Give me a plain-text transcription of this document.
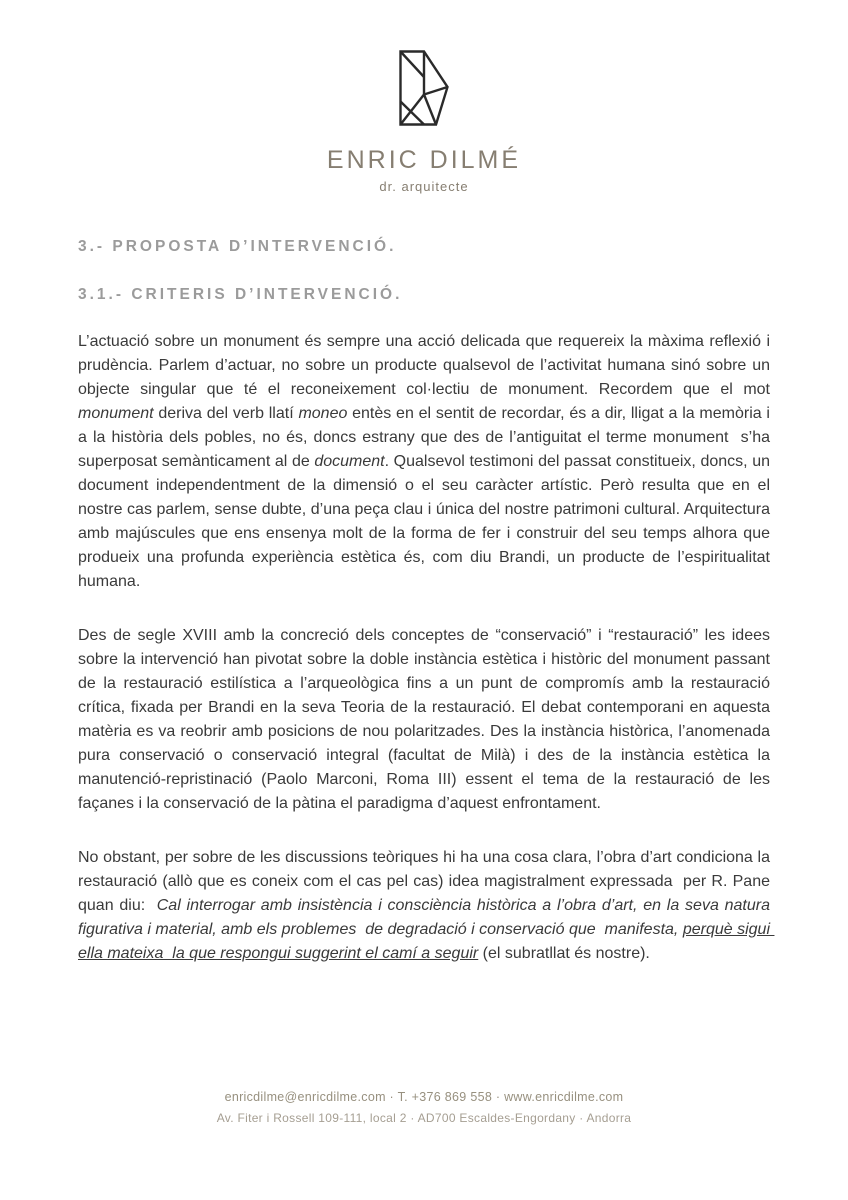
ENRIC DILMÉ
dr. arquitecte
3.- PROPOSTA D’INTERVENCIÓ.
3.1.- CRITERIS D’INTERVENCIÓ.

L’actuació sobre un monument és sempre una acció delicada que requereix la màxima reflexió i prudència. Parlem d’actuar, no sobre un producte qualsevol de l’activitat humana sinó sobre un objecte singular que té el reconeixement col·lectiu de monument. Recordem que el mot monument deriva del verb llatí moneo entès en el sentit de recordar, és a dir, lligat a la memòria i a la història dels pobles, no és, doncs estrany que des de l’antiguitat el terme monument  s’ha superposat semànticament al de document. Qualsevol testimoni del passat constitueix, doncs, un document independentment de la dimensió o el seu caràcter artístic. Però resulta que en el nostre cas parlem, sense dubte, d’una peça clau i única del nostre patrimoni cultural. Arquitectura amb majúscules que ens ensenya molt de la forma de fer i construir del seu temps alhora que produeix una profunda experiència estètica és, com diu Brandi, un producte de l’espiritualitat humana.

Des de segle XVIII amb la concreció dels conceptes de “conservació” i “restauració” les idees sobre la intervenció han pivotat sobre la doble instància estètica i històric del monument passant de la restauració estilística a l’arqueològica fins a un punt de compromís amb la restauració crítica, fixada per Brandi en la seva Teoria de la restauració. El debat contemporani en aquesta matèria es va reobrir amb posicions de nou polaritzades. Des la instància històrica, l’anomenada pura conservació o conservació integral (facultat de Milà) i des de la instància estètica la manutenció-repristinació (Paolo Marconi, Roma III) essent el tema de la restauració de les façanes i la conservació de la pàtina el paradigma d’aquest enfrontament.

No obstant, per sobre de les discussions teòriques hi ha una cosa clara, l’obra d’art condiciona la restauració (allò que es coneix com el cas pel cas) idea magistralment expressada  per R. Pane quan diu:  Cal interrogar amb insistència i consciència històrica a l’obra d’art, en la seva natura figurativa i material, amb els problemes  de degradació i conservació que  manifesta, perquè sigui ella mateixa  la que respongui suggerint el camí a seguir (el subratllat és nostre).

enricdilme@enricdilme.com · T. +376 869 558 · www.enricdilme.com
Av. Fiter i Rossell 109-111, local 2 · AD700 Escaldes-Engordany · Andorra
